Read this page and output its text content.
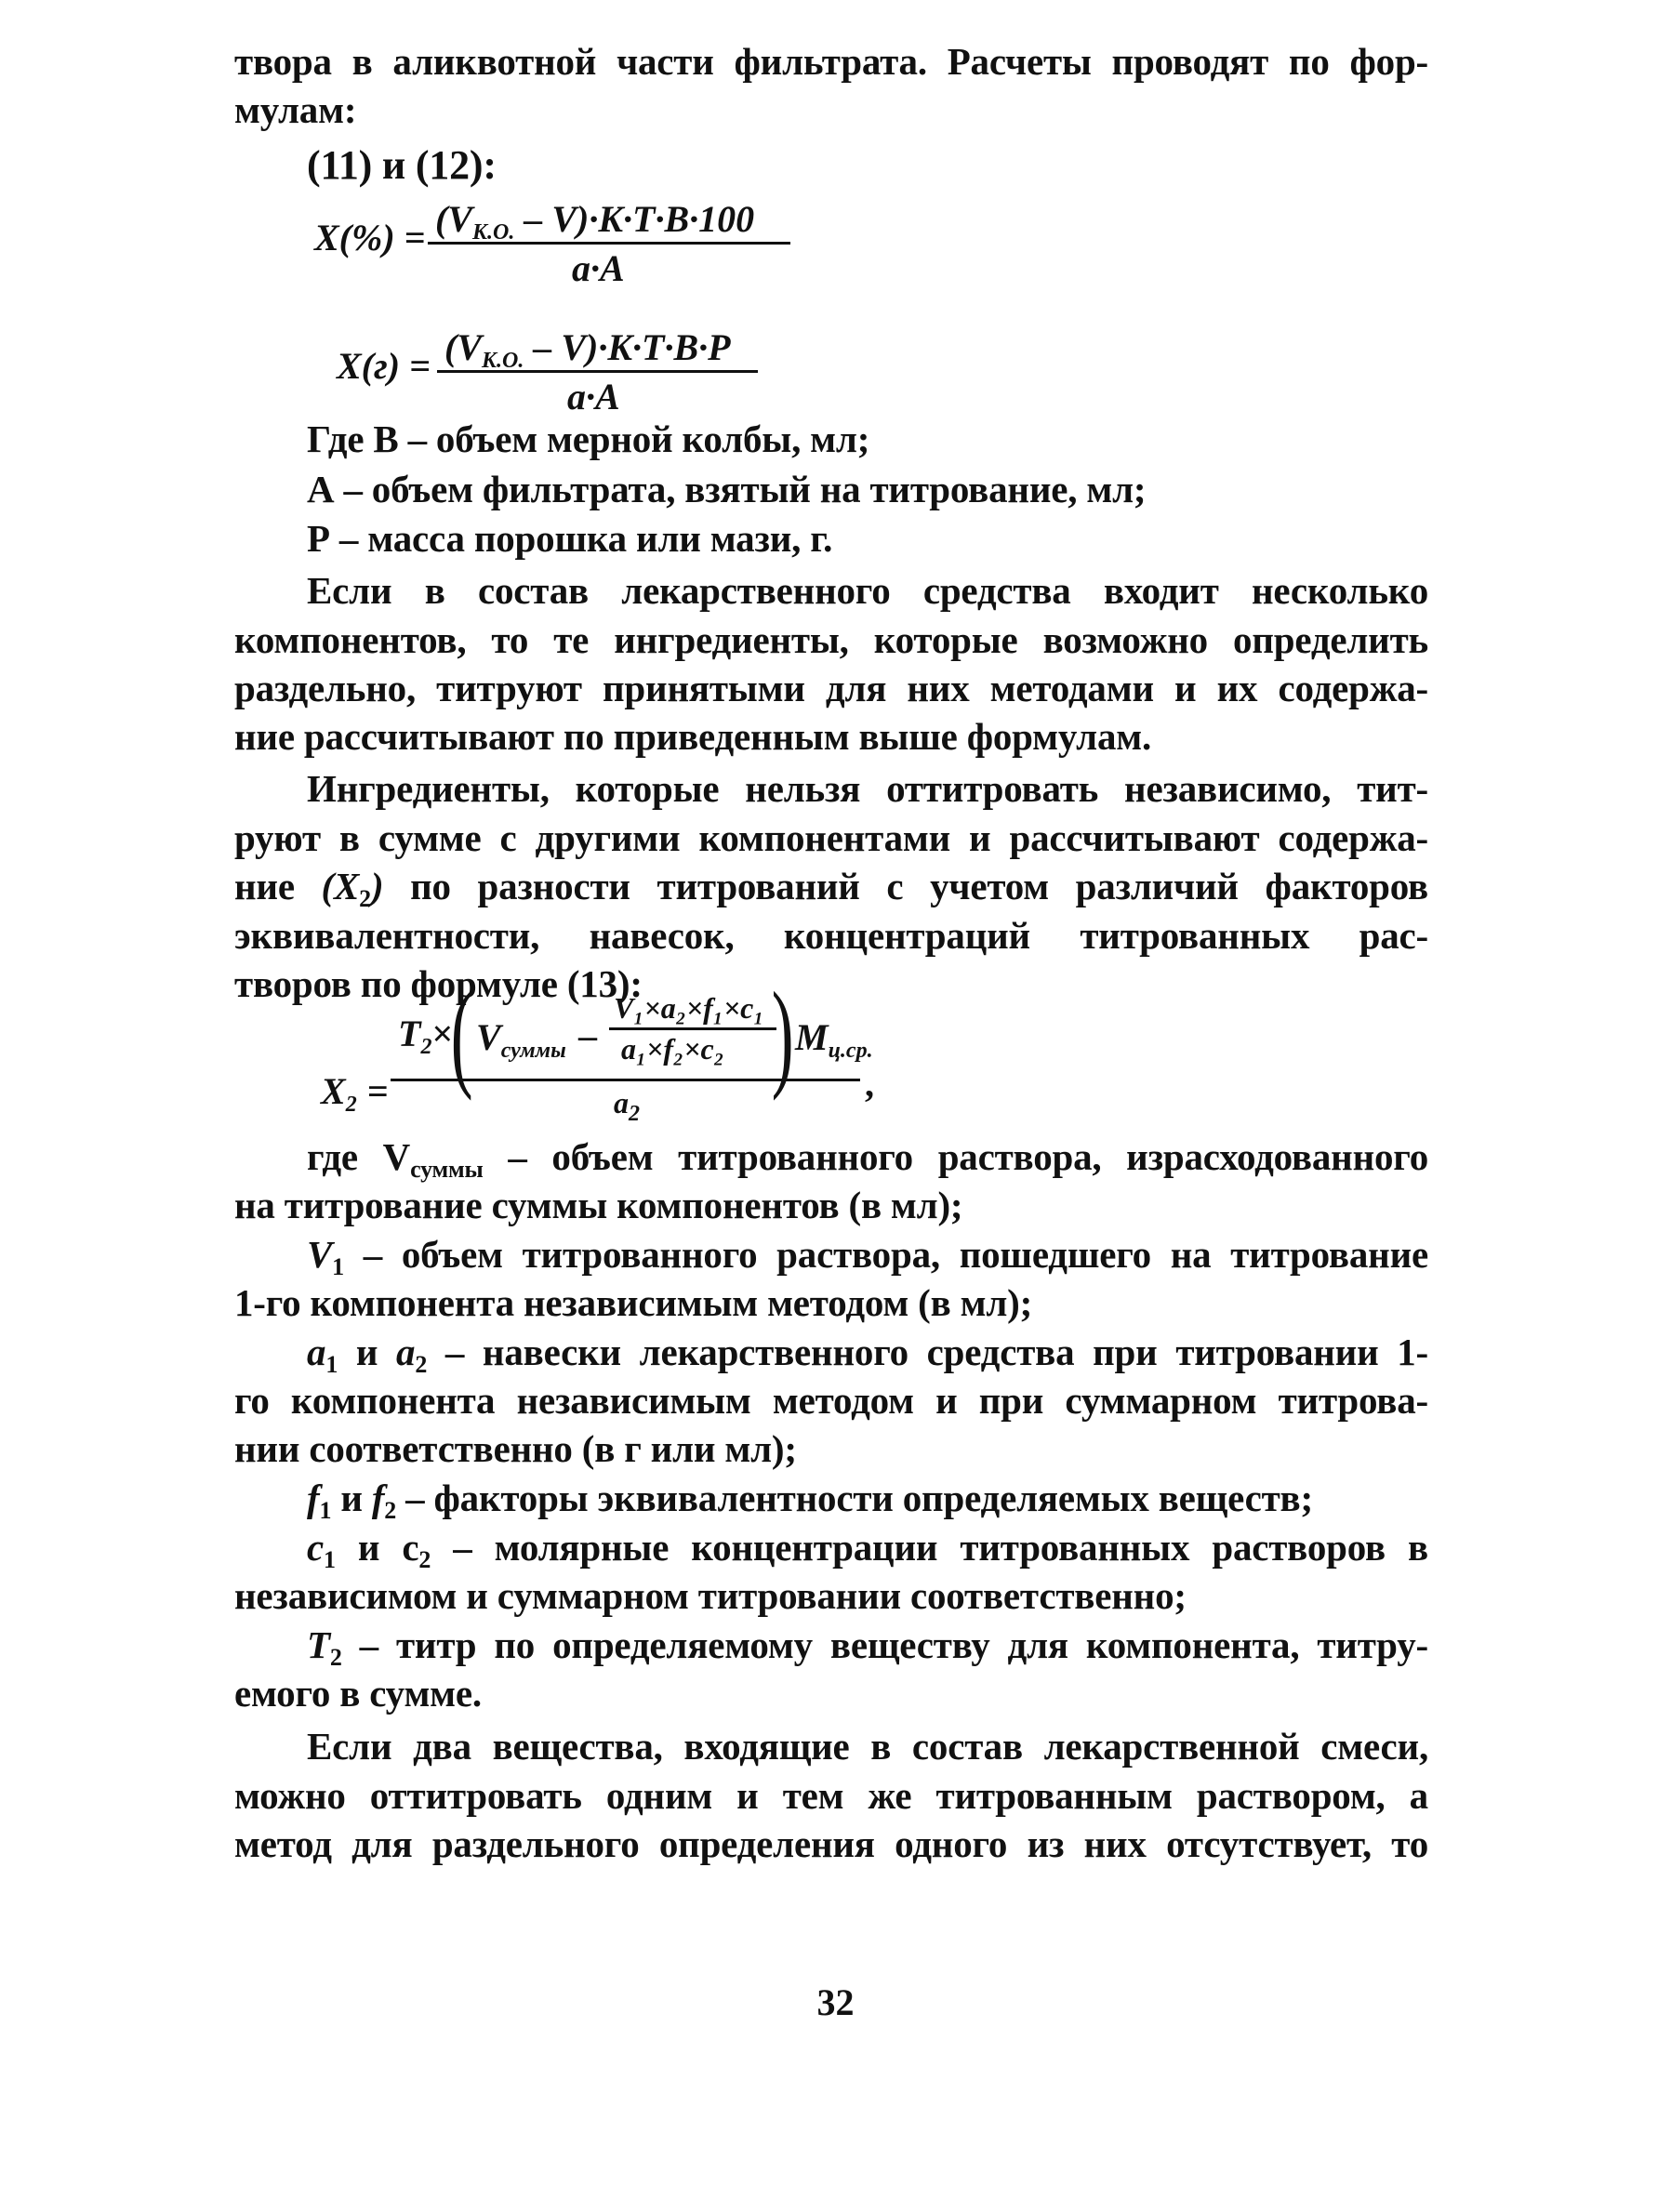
твора в аликвотной части фильтрата. Расчеты проводят по фор-
мулам:
(11) и (12):
$X(\%) = (V_{K.O.} - V)\cdot K\cdot T\cdot B\cdot 100$
a·A
$X(г) = (V_{K.O.} - V)\cdot K\cdot T\cdot B\cdot P$
a·A
Где В – объем мерной колбы, мл;
А – объем фильтрата, взятый на титрование, мл;
Р – масса порошка или мази, г.
Если в состав лекарственного средства входит несколько
компонентов, то те ингредиенты, которые возможно определить
раздельно, титруют принятыми для них методами и их содержа-
ние рассчитывают по приведенным выше формулам.
Ингредиенты, которые нельзя оттитровать независимо, тит-
руют в сумме с другими компонентами и рассчитывают содержа-
ние $(X_2)$ по разности титрований с учетом различий факторов
эквивалентности, навесок, концентраций титрованных рас-
творов по формуле (13):
$X_2$ =
$T_2\times$
( $V_{суммы}$ –
V₁×a₂×f₁×c₁
a₁×f₂×c₂ ) $M_{ц.ср.}$
$a_2$
,
где $V_{суммы}$ – объем титрованного раствора, израсходованного
на титрование суммы компонентов (в мл);
$V_1$ – объем титрованного раствора, пошедшего на титрование
1-го компонента независимым методом (в мл);
$a_1$ и $a_2$ – навески лекарственного средства при титровании 1-
го компонента независимым методом и при суммарном титрова-
нии соответственно (в г или мл);
$f_1$ и $f_2$ – факторы эквивалентности определяемых веществ;
$c_1$ и $c_2$ – молярные концентрации титрованных растворов в
независимом и суммарном титровании соответственно;
$T_2$ – титр по определяемому веществу для компонента, титру-
емого в сумме.
Если два вещества, входящие в состав лекарственной смеси,
можно оттитровать одним и тем же титрованным раствором, а
метод для раздельного определения одного из них отсутствует, то
32
